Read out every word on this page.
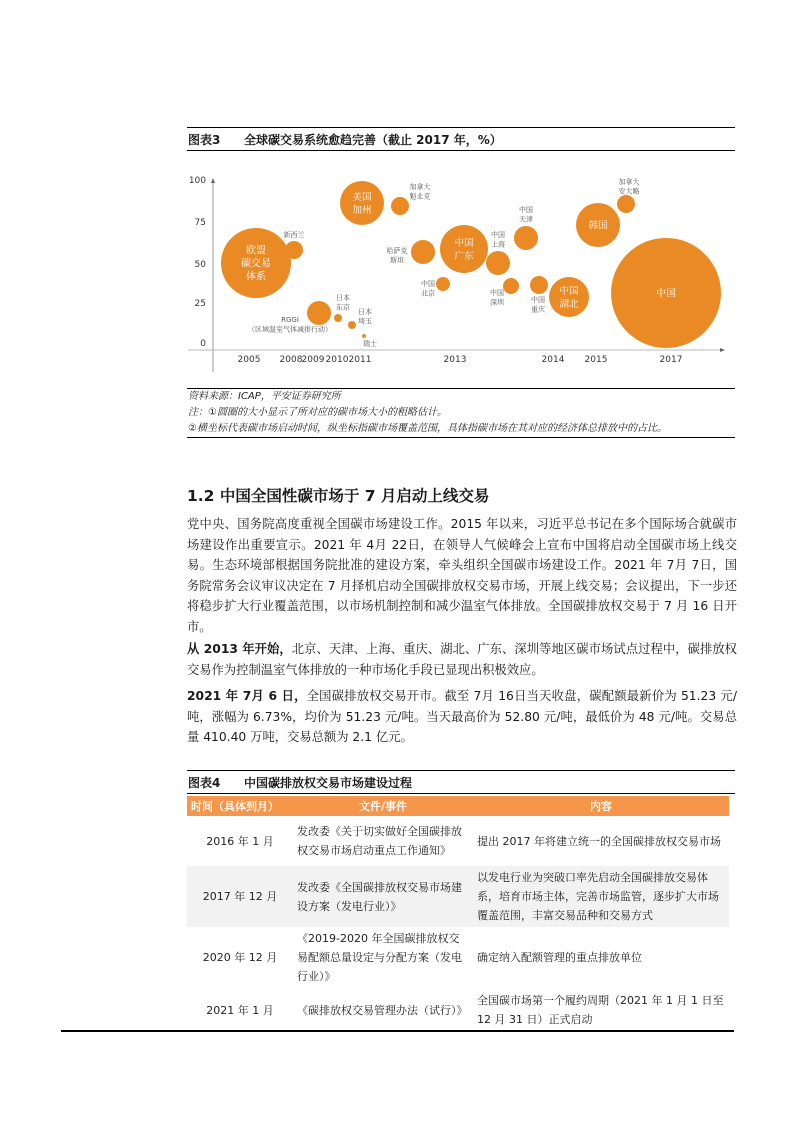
图表3 全球碳交易系统愈趋完善（截止 2017 年，%）
100
75
50
25
0
2005 2008 2009 2010 2011	2013	2014 2015	2017
欧盟
碳交易
体系
新西兰
RGGI
（区域温室气体减排行动）
日本
东京
日本
埼玉
瑞士
美国
加州
加拿大
魁北克
哈萨克
斯坦
中国
北京
中国
广东
中国
上海
中国
天津
中国
深圳	中国
重庆
中国
湖北
韩国
加拿大
安大略
中国
资料来源：ICAP，平安证券研究所
注：①圆圈的大小显示了所对应的碳市场大小的粗略估计。
②横坐标代表碳市场启动时间，纵坐标指碳市场覆盖范围，具体指碳市场在其对应的经济体总排放中的占比。
1.2 中国全国性碳市场于 7 月启动上线交易
党中央、国务院高度重视全国碳市场建设工作。2015 年以来，习近平总书记在多个国际场合就碳市场建设作出重要宣示。2021 年 4月 22日，在领导人气候峰会上宣布中国将启动全国碳市场上线交易。生态环境部根据国务院批准的建设方案，牵头组织全国碳市场建设工作。2021 年 7月 7日，国务院常务会议审议决定在 7 月择机启动全国碳排放权交易市场，开展上线交易；会议提出，下一步还将稳步扩大行业覆盖范围，以市场机制控制和减少温室气体排放。全国碳排放权交易于 7 月 16 日开市。
从 2013 年开始，北京、天津、上海、重庆、湖北、广东、深圳等地区碳市场试点过程中，碳排放权交易作为控制温室气体排放的一种市场化手段已显现出积极效应。
2021 年 7月 6 日，全国碳排放权交易开市。截至 7月 16日当天收盘，碳配额最新价为 51.23 元/吨，涨幅为 6.73%，均价为 51.23 元/吨。当天最高价为 52.80 元/吨，最低价为 48 元/吨。交易总量 410.40 万吨，交易总额为 2.1 亿元。
图表4 中国碳排放权交易市场建设过程
时间（具体到月）	文件/事件	内容
2016 年 1 月	发改委《关于切实做好全国碳排放权交易市场启动重点工作通知》	提出 2017 年将建立统一的全国碳排放权交易市场
2017 年 12 月	发改委《全国碳排放权交易市场建设方案（发电行业）》	以发电行业为突破口率先启动全国碳排放交易体系，培育市场主体，完善市场监管，逐步扩大市场覆盖范围，丰富交易品种和交易方式
2020 年 12 月	《2019-2020 年全国碳排放权交易配额总量设定与分配方案（发电行业）》	确定纳入配额管理的重点排放单位
2021 年 1 月	《碳排放权交易管理办法（试行）》	全国碳市场第一个履约周期（2021 年 1 月 1 日至 12 月 31 日）正式启动
